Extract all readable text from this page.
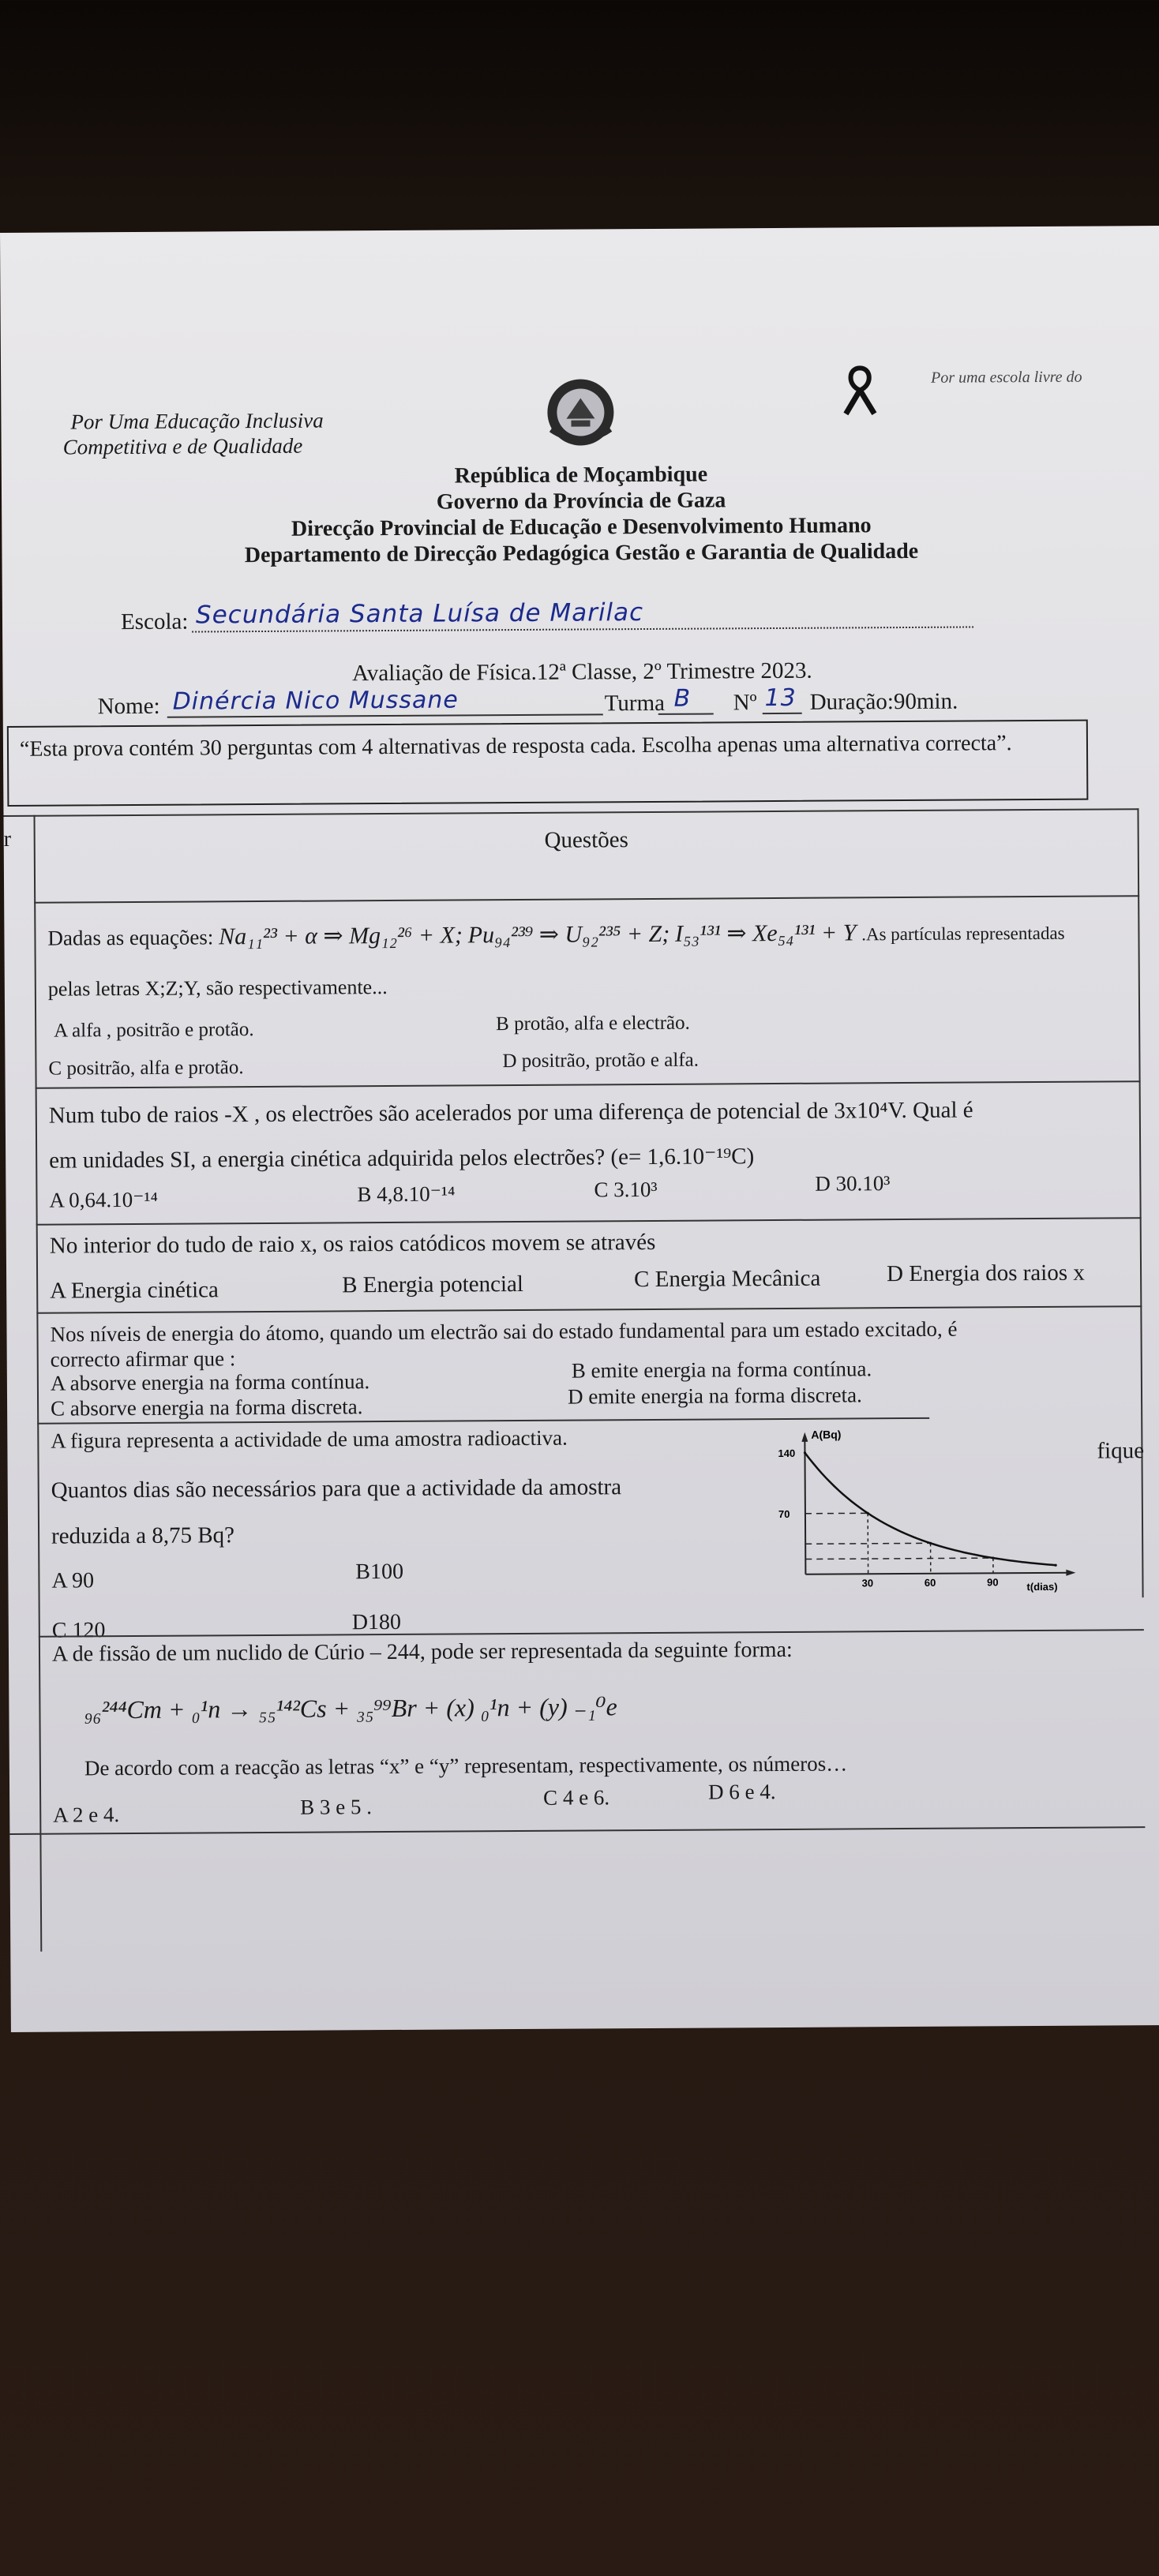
Por Uma Educação Inclusiva
Competitiva e de Qualidade
Por uma escola livre do
República de Moçambique
Governo da Província de Gaza
Direcção Provincial de Educação e Desenvolvimento Humano
Departamento de Direcção Pedagógica Gestão e Garantia de Qualidade
Escola: Secundária Santa Luísa de Marilac
Avaliação de Física.12ª Classe, 2º Trimestre 2023.
Nome: Dinércia Nico Mussane	Turma B Nº 13 Duração:90min.
“Esta prova contém 30 perguntas com 4 alternativas de resposta cada. Escolha apenas uma alternativa correcta”.
r	Questões
Dadas as equações: Na₁₁²³ + α ⇒ Mg₁₂²⁶ + X; Pu₉₄²³⁹ ⇒ U₉₂²³⁵ + Z; I₅₃¹³¹ ⇒ Xe₅₄¹³¹ + Y .As partículas representadas
pelas letras X;Z;Y, são respectivamente...
A alfa , positrão e protão.	B protão, alfa e electrão.
C positrão, alfa e protão.	D positrão, protão e alfa.
Num tubo de raios -X , os electrões são acelerados por uma diferença de potencial de 3x10⁴V. Qual é
em unidades SI, a energia cinética adquirida pelos electrões? (e= 1,6.10⁻¹⁹C)
A 0,64.10⁻¹⁴	B 4,8.10⁻¹⁴	C 3.10³	D 30.10³
No interior do tudo de raio x, os raios catódicos movem se através
A Energia cinética	B Energia potencial	C Energia Mecânica	D Energia dos raios x
Nos níveis de energia do átomo, quando um electrão sai do estado fundamental para um estado excitado, é
correcto afirmar que :
A absorve energia na forma contínua.	B emite energia na forma contínua.
C absorve energia na forma discreta.	D emite energia na forma discreta.
A figura representa a actividade de uma amostra radioactiva.
Quantos dias são necessários para que a actividade da amostra
reduzida a 8,75 Bq?
fique
A 90	B100
C 120	D180
A(Bq)
t(dias)
30	60	90
140
70
A de fissão de um nuclido de Cúrio – 244, pode ser representada da seguinte forma:
₉₆²⁴⁴Cm + ₀¹n → ₅₅¹⁴²Cs + ₃₅⁹⁹Br + (x) ₀¹n + (y) ₋₁⁰e
De acordo com a reacção as letras “x” e “y” representam, respectivamente, os números…
A 2 e 4.	B 3 e 5 .	C 4 e 6.	D 6 e 4.
